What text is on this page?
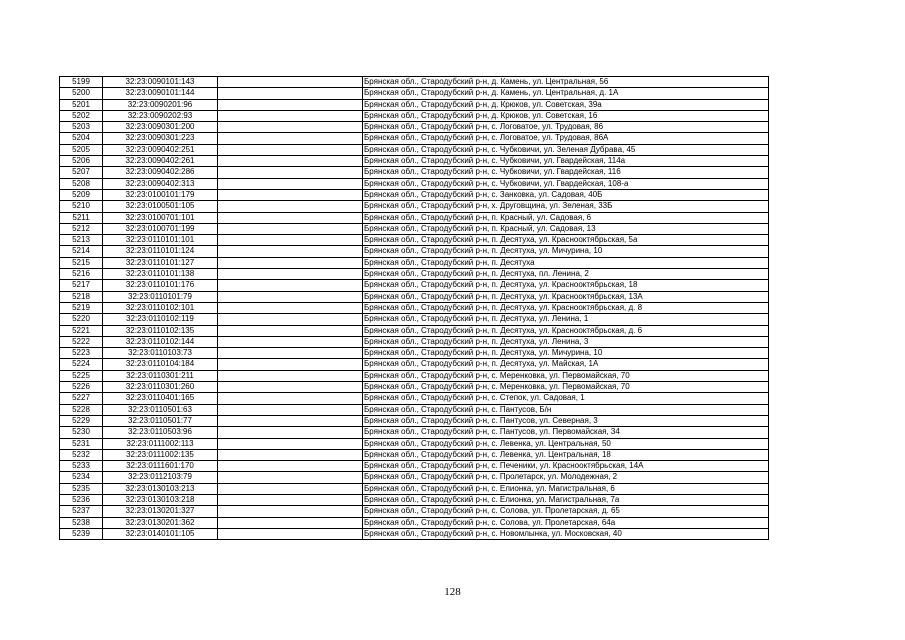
5199	32:23:0090101:143		Брянская обл., Стародубский р-н, д. Камень, ул. Центральная, 56
5200	32:23:0090101:144		Брянская обл., Стародубский р-н, д. Камень, ул. Центральная, д. 1А
5201	32:23:0090201:96		Брянская обл., Стародубский р-н, д. Крюков, ул. Советская, 39а
5202	32:23:0090202:93		Брянская обл., Стародубский р-н, д. Крюков, ул. Советская, 16
5203	32:23:0090301:200		Брянская обл., Стародубский р-н, с. Логоватое, ул. Трудовая, 86
5204	32:23:0090301:223		Брянская обл., Стародубский р-н, с. Логоватое, ул. Трудовая, 86А
5205	32:23:0090402:251		Брянская обл., Стародубский р-н, с. Чубковичи, ул. Зеленая Дубрава, 45
5206	32:23:0090402:261		Брянская обл., Стародубский р-н, с. Чубковичи, ул. Гвардейская, 114а
5207	32:23:0090402:286		Брянская обл., Стародубский р-н, с. Чубковичи, ул. Гвардейская, 116
5208	32:23:0090402:313		Брянская обл., Стародубский р-н, с. Чубковичи, ул. Гвардейская, 108-а
5209	32:23:0100101:179		Брянская обл., Стародубский р-н, с. Занковка, ул. Садовая, 40Б
5210	32:23:0100501:105		Брянская обл., Стародубский р-н, х. Друговщина, ул. Зеленая, 33Б
5211	32:23:0100701:101		Брянская обл., Стародубский р-н, п. Красный, ул. Садовая, 6
5212	32:23:0100701:199		Брянская обл., Стародубский р-н, п. Красный, ул. Садовая, 13
5213	32:23:0110101:101		Брянская обл., Стародубский р-н, п. Десятуха, ул. Краснооктябрьская, 5а
5214	32:23:0110101:124		Брянская обл., Стародубский р-н, п. Десятуха, ул. Мичурина, 10
5215	32:23:0110101:127		Брянская обл., Стародубский р-н, п. Десятуха
5216	32:23:0110101:138		Брянская обл., Стародубский р-н, п. Десятуха, пл. Ленина, 2
5217	32:23:0110101:176		Брянская обл., Стародубский р-н, п. Десятуха, ул. Краснооктябрьская, 18
5218	32:23:0110101:79		Брянская обл., Стародубский р-н, п. Десятуха, ул. Краснооктябрьская, 13А
5219	32:23:0110102:101		Брянская обл., Стародубский р-н, п. Десятуха, ул. Краснооктябрьская, д. 8
5220	32:23:0110102:119		Брянская обл., Стародубский р-н, п. Десятуха, ул. Ленина, 1
5221	32:23:0110102:135		Брянская обл., Стародубский р-н, п. Десятуха, ул. Краснооктябрьская, д. 6
5222	32:23:0110102:144		Брянская обл., Стародубский р-н, п. Десятуха, ул. Ленина, 3
5223	32:23:0110103:73		Брянская обл., Стародубский р-н, п. Десятуха, ул. Мичурина, 10
5224	32:23:0110104:184		Брянская обл., Стародубский р-н, п. Десятуха, ул. Майская, 1А
5225	32:23:0110301:211		Брянская обл., Стародубский р-н, с. Меренковка, ул. Первомайская, 70
5226	32:23:0110301:260		Брянская обл., Стародубский р-н, с. Меренковка, ул. Первомайская, 70
5227	32:23:0110401:165		Брянская обл., Стародубский р-н, с. Степок, ул. Садовая, 1
5228	32:23:0110501:63		Брянская обл., Стародубский р-н, с. Пантусов, Б/н
5229	32:23:0110501:77		Брянская обл., Стародубский р-н, с. Пантусов, ул. Северная, 3
5230	32:23:0110503:96		Брянская обл., Стародубский р-н, с. Пантусов, ул. Первомайская, 34
5231	32:23:0111002:113		Брянская обл., Стародубский р-н, с. Левенка, ул. Центральная, 50
5232	32:23:0111002:135		Брянская обл., Стародубский р-н, с. Левенка, ул. Центральная, 18
5233	32:23:0111601:170		Брянская обл., Стародубский р-н, с. Печеники, ул. Краснооктябрьская, 14А
5234	32:23:0112103:79		Брянская обл., Стародубский р-н, с. Пролетарск, ул. Молодежная, 2
5235	32:23:0130103:213		Брянская обл., Стародубский р-н, с. Елионка, ул. Магистральная, 6
5236	32:23:0130103:218		Брянская обл., Стародубский р-н, с. Елионка, ул. Магистральная, 7а
5237	32:23:0130201:327		Брянская обл., Стародубский р-н, с. Солова, ул. Пролетарская, д. 65
5238	32:23:0130201:362		Брянская обл., Стародубский р-н, с. Солова, ул. Пролетарская, 64а
5239	32:23:0140101:105		Брянская обл., Стародубский р-н, с. Новомлынка, ул. Московская, 40
128
